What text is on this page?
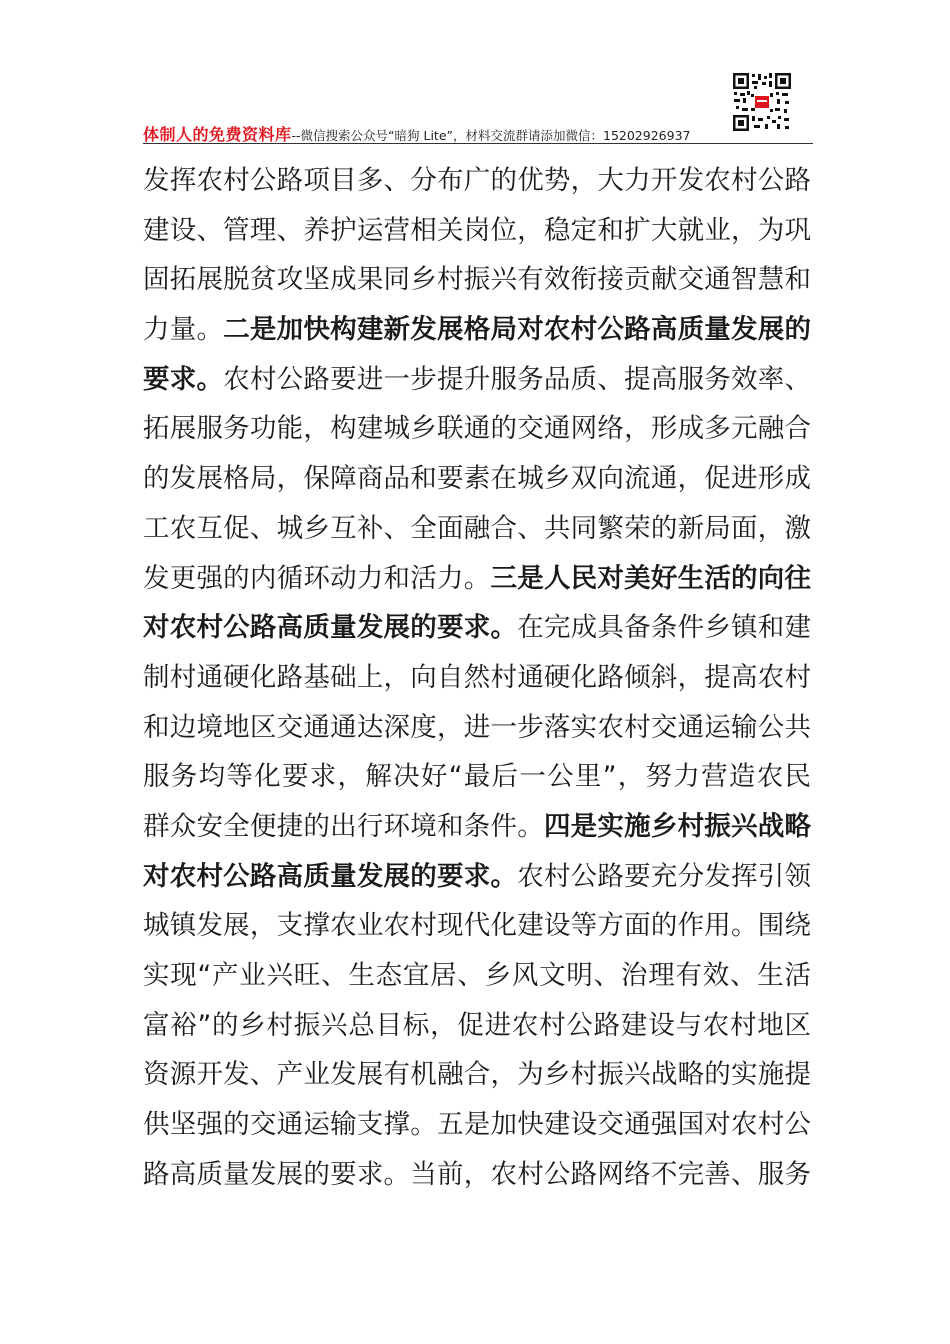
体制人的免费资料库--微信搜索公众号“暗狗 Lite”，材料交流群请添加微信：15202926937
发挥农村公路项目多、分布广的优势，大力开发农村公路
建设、管理、养护运营相关岗位，稳定和扩大就业，为巩
固拓展脱贫攻坚成果同乡村振兴有效衔接贡献交通智慧和
力量。二是加快构建新发展格局对农村公路高质量发展的
要求。农村公路要进一步提升服务品质、提高服务效率、
拓展服务功能，构建城乡联通的交通网络，形成多元融合
的发展格局，保障商品和要素在城乡双向流通，促进形成
工农互促、城乡互补、全面融合、共同繁荣的新局面，激
发更强的内循环动力和活力。三是人民对美好生活的向往
对农村公路高质量发展的要求。在完成具备条件乡镇和建
制村通硬化路基础上，向自然村通硬化路倾斜，提高农村
和边境地区交通通达深度，进一步落实农村交通运输公共
服务均等化要求，解决好“最后一公里”，努力营造农民
群众安全便捷的出行环境和条件。四是实施乡村振兴战略
对农村公路高质量发展的要求。农村公路要充分发挥引领
城镇发展，支撑农业农村现代化建设等方面的作用。围绕
实现“产业兴旺、生态宜居、乡风文明、治理有效、生活
富裕”的乡村振兴总目标，促进农村公路建设与农村地区
资源开发、产业发展有机融合，为乡村振兴战略的实施提
供坚强的交通运输支撑。五是加快建设交通强国对农村公
路高质量发展的要求。当前，农村公路网络不完善、服务
